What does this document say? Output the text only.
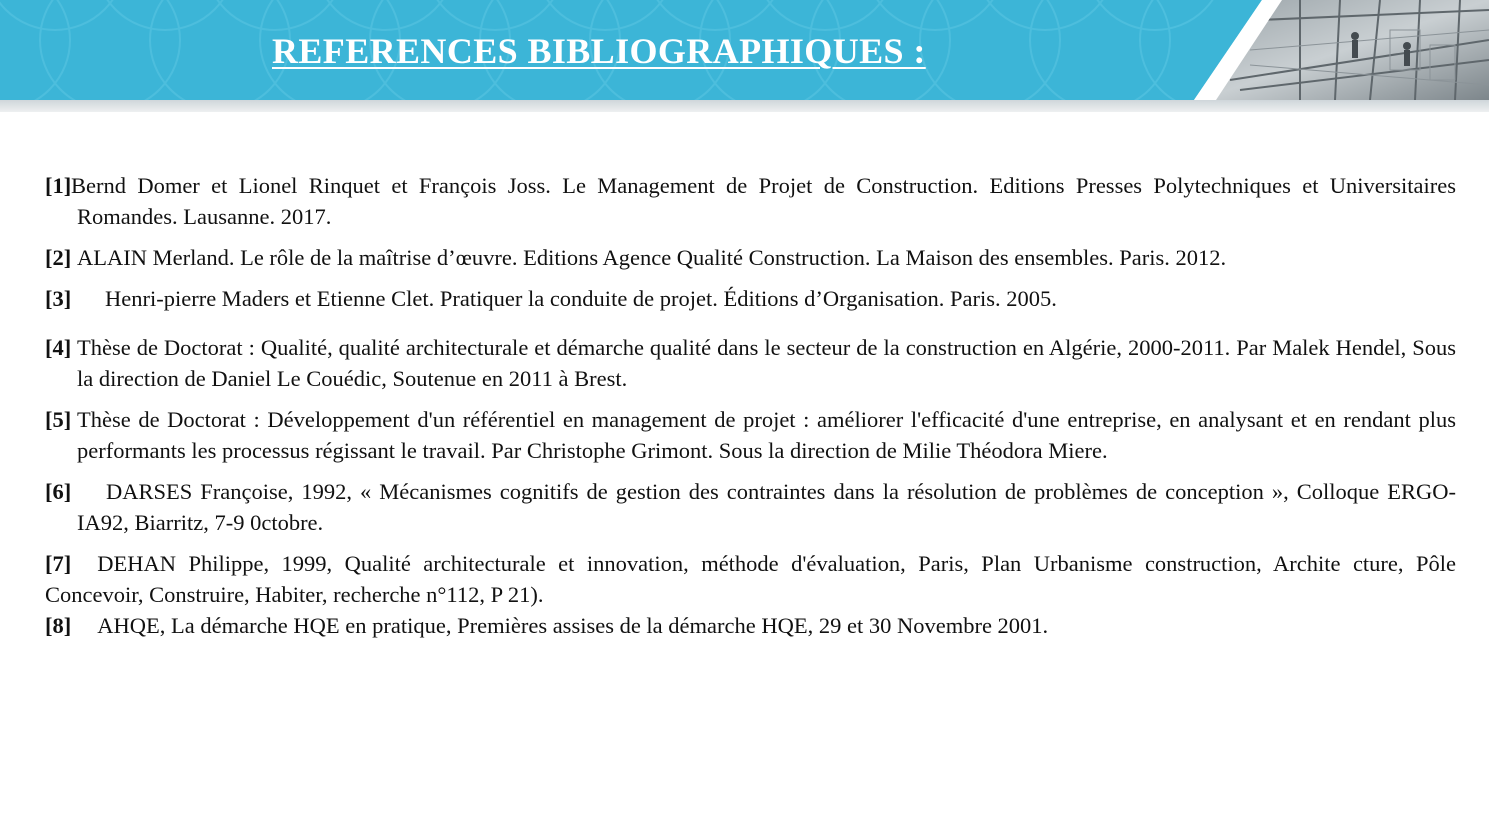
REFERENCES BIBLIOGRAPHIQUES :
[1] Bernd Domer et Lionel Rinquet et François Joss. Le Management de Projet de Construction. Editions Presses Polytechniques et Universitaires Romandes. Lausanne. 2017.
[2] ALAIN Merland. Le rôle de la maîtrise d’œuvre. Editions Agence Qualité Construction. La Maison des ensembles. Paris. 2012.
[3] Henri-pierre Maders et Etienne Clet. Pratiquer la conduite de projet. Éditions d’Organisation. Paris. 2005.
[4] Thèse de Doctorat : Qualité, qualité architecturale et démarche qualité dans le secteur de la construction en Algérie, 2000-2011. Par Malek Hendel, Sous la direction de Daniel Le Couédic, Soutenue en 2011 à Brest.
[5] Thèse de Doctorat : Développement d'un référentiel en management de projet : améliorer l'efficacité d'une entreprise, en analysant et en rendant plus performants les processus régissant le travail. Par Christophe Grimont. Sous la direction de Milie Théodora Miere.
[6] DARSES Françoise, 1992, « Mécanismes cognitifs de gestion des contraintes dans la résolution de problèmes de conception », Colloque ERGO-IA92, Biarritz, 7-9 0ctobre.
[7] DEHAN Philippe, 1999, Qualité architecturale et innovation, méthode d'évaluation, Paris, Plan Urbanisme construction, Archite cture, Pôle Concevoir, Construire, Habiter, recherche n°112, P 21).
[8] AHQE, La démarche HQE en pratique, Premières assises de la démarche HQE, 29 et 30 Novembre 2001.
